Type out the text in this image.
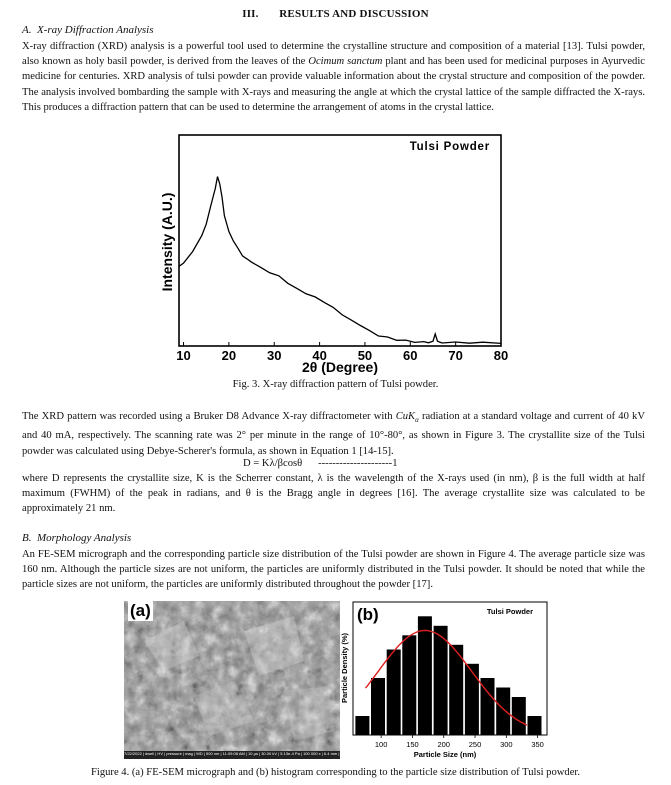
III. RESULTS AND DISCUSSION
A. X-ray Diffraction Analysis
X-ray diffraction (XRD) analysis is a powerful tool used to determine the crystalline structure and composition of a material [13]. Tulsi powder, also known as holy basil powder, is derived from the leaves of the Ocimum sanctum plant and has been used for medicinal purposes in Ayurvedic medicine for centuries. XRD analysis of tulsi powder can provide valuable information about the crystal structure and composition of the powder. The analysis involved bombarding the sample with X-rays and measuring the angle at which the crystal lattice of the sample diffracted the X-rays. This produces a diffraction pattern that can be used to determine the arrangement of atoms in the crystal lattice.
Tulsi Powder
Intensity (A.U.)
10 20 30 40 50 60 70 80
2θ (Degree)
Fig. 3. X-ray diffraction pattern of Tulsi powder.
The XRD pattern was recorded using a Bruker D8 Advance X-ray diffractometer with CuK$_\alpha$ radiation at a standard voltage and current of 40 kV and 40 mA, respectively. The scanning rate was 2° per minute in the range of 10°-80°, as shown in Figure 3. The crystallite size of the Tulsi powder was calculated using Debye-Scherer's formula, as shown in Equation 1 [14-15].
D = Kλ/βcosθ      ---------------------1
where D represents the crystallite size, K is the Scherrer constant, λ is the wavelength of the X-rays used (in nm), β is the full width at half maximum (FWHM) of the peak in radians, and θ is the Bragg angle in degrees [16]. The average crystallite size was calculated to be approximately 21 nm.
B. Morphology Analysis
An FE-SEM micrograph and the corresponding particle size distribution of the Tulsi powder are shown in Figure 4. The average particle size was 160 nm. Although the particle sizes are not uniform, the particles are uniformly distributed in the Tulsi powder. It should be noted that while the particle sizes are not uniform, the particles are uniformly distributed throughout the powder [17].
7/22/2022 | dwell | HV | pressure | mag | WD | 500 nm | 11:09:08 AM | 10 µs | 30.00 kV | 5.13e-4 Pa | 100 000 x | 6.4 mm | CRF, IIT Delhi
(a)	(b)	Tulsi Powder
Particle Density (%)
100	150	200	250	300	350
Particle Size (nm)
Figure 4. (a) FE-SEM micrograph and (b) histogram corresponding to the particle size distribution of Tulsi powder.
